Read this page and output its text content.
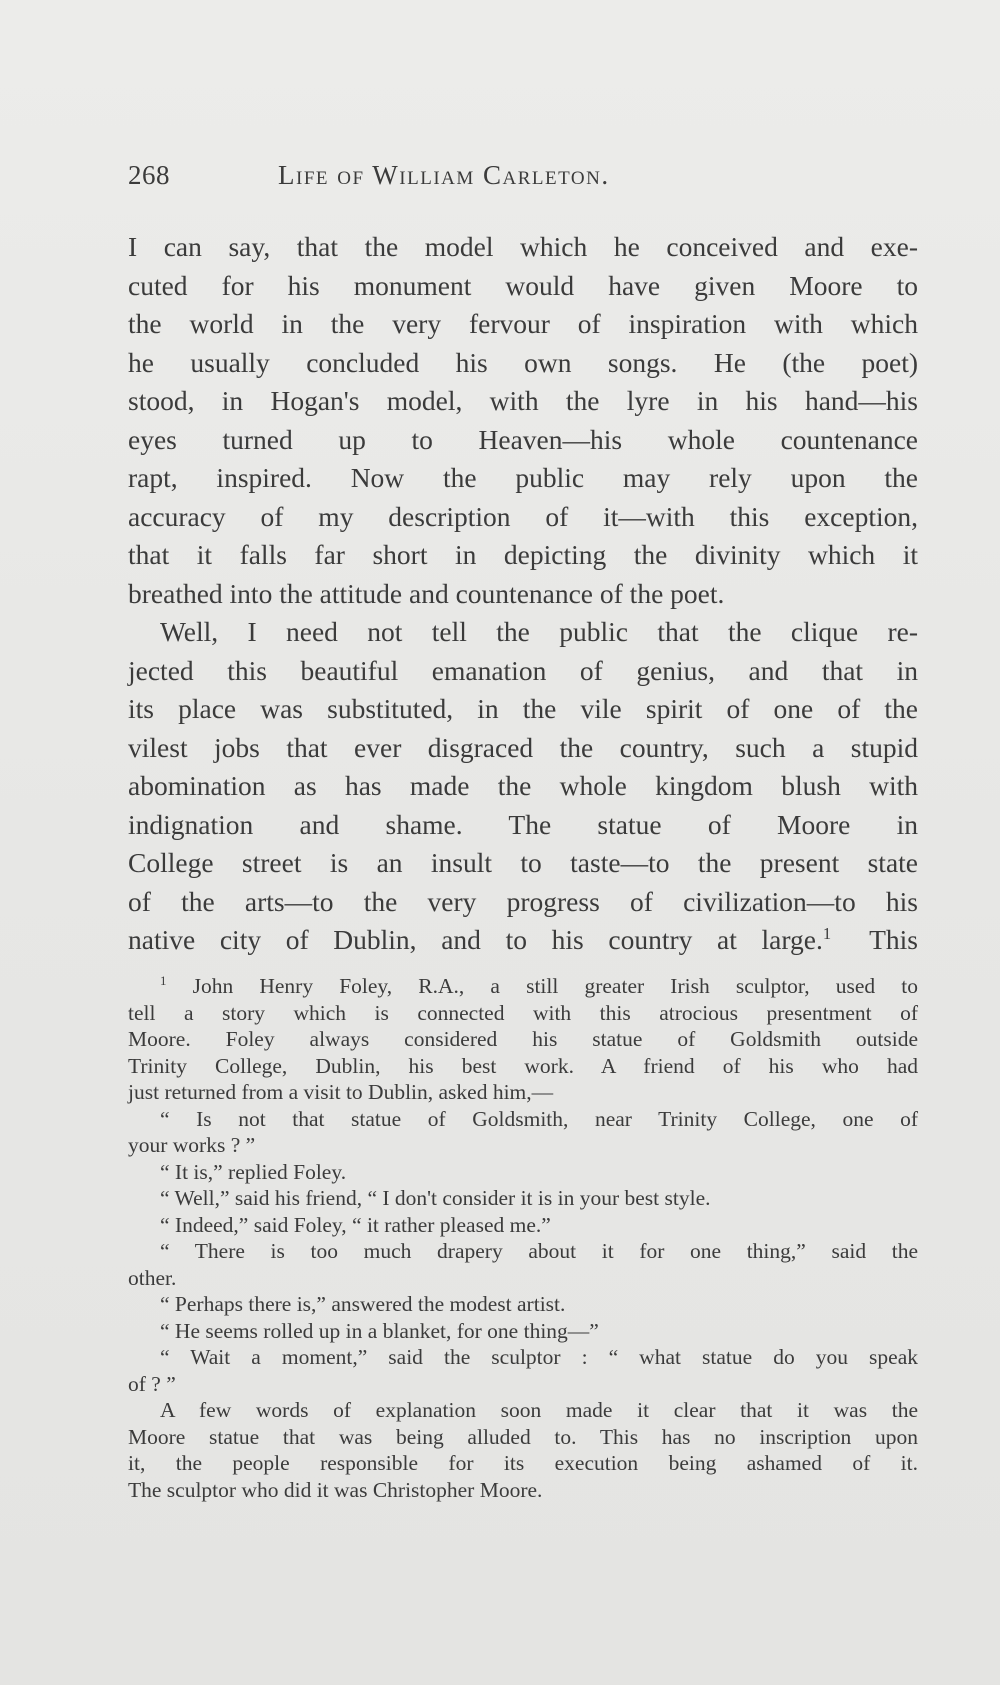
268	Life of William Carleton.
I can say, that the model which he conceived and exe-
cuted for his monument would have given Moore to
the world in the very fervour of inspiration with which
he usually concluded his own songs. He (the poet)
stood, in Hogan's model, with the lyre in his hand—his
eyes turned up to Heaven—his whole countenance
rapt, inspired. Now the public may rely upon the
accuracy of my description of it—with this exception,
that it falls far short in depicting the divinity which it
breathed into the attitude and countenance of the poet.
Well, I need not tell the public that the clique re-
jected this beautiful emanation of genius, and that in
its place was substituted, in the vile spirit of one of the
vilest jobs that ever disgraced the country, such a stupid
abomination as has made the whole kingdom blush with
indignation and shame. The statue of Moore in
College street is an insult to taste—to the present state
of the arts—to the very progress of civilization—to his
native city of Dublin, and to his country at large.$^1$ This
$^1$ John Henry Foley, R.A., a still greater Irish sculptor, used to
tell a story which is connected with this atrocious presentment of
Moore. Foley always considered his statue of Goldsmith outside
Trinity College, Dublin, his best work. A friend of his who had
just returned from a visit to Dublin, asked him,—
“ Is not that statue of Goldsmith, near Trinity College, one of
your works ? ”
“ It is,” replied Foley.
“ Well,” said his friend, “ I don't consider it is in your best style.
“ Indeed,” said Foley, “ it rather pleased me.”
“ There is too much drapery about it for one thing,” said the
other.
“ Perhaps there is,” answered the modest artist.
“ He seems rolled up in a blanket, for one thing—”
“ Wait a moment,” said the sculptor : “ what statue do you speak
of ? ”
A few words of explanation soon made it clear that it was the
Moore statue that was being alluded to. This has no inscription upon
it, the people responsible for its execution being ashamed of it.
The sculptor who did it was Christopher Moore.
